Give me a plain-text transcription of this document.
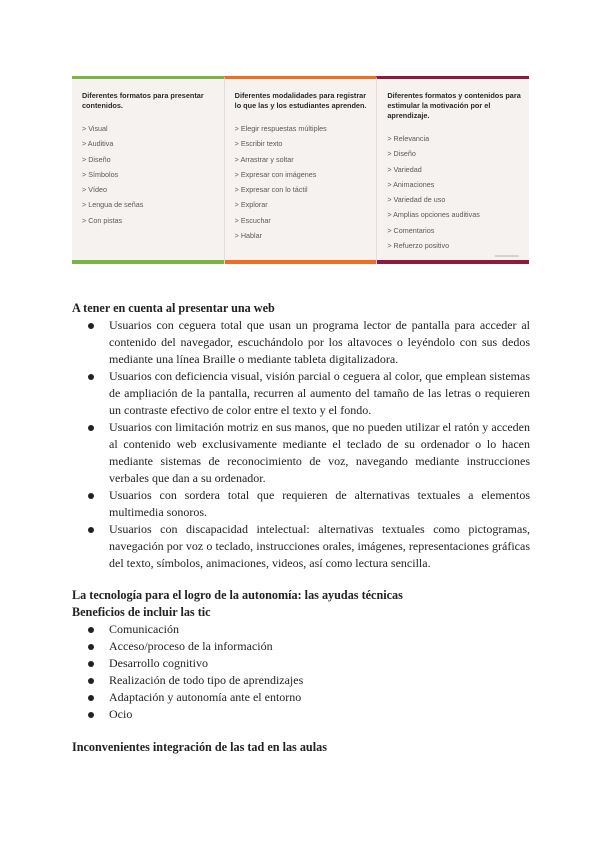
Diferentes formatos para presentar contenidos.
> Visual
> Auditiva
> Diseño
> Símbolos
> Vídeo
> Lengua de señas
> Con pistas
Diferentes modalidades para registrar lo que las y los estudiantes aprenden.
> Elegir respuestas múltiples
> Escribir texto
> Arrastrar y soltar
> Expresar con imágenes
> Expresar con lo táctil
> Explorar
> Escuchar
> Hablar
Diferentes formatos y contenidos para estimular la motivación por el aprendizaje.
> Relevancia
> Diseño
> Variedad
> Animaciones
> Variedad de uso
> Amplias opciones auditivas
> Comentarios
> Refuerzo positivo

A tener en cuenta al presentar una web

Usuarios con ceguera total que usan un programa lector de pantalla para acceder al contenido del navegador, escuchándolo por los altavoces o leyéndolo con sus dedos mediante una línea Braille o mediante tableta digitalizadora.
Usuarios con deficiencia visual, visión parcial o ceguera al color, que emplean sistemas de ampliación de la pantalla, recurren al aumento del tamaño de las letras o requieren un contraste efectivo de color entre el texto y el fondo.
Usuarios con limitación motriz en sus manos, que no pueden utilizar el ratón y acceden al contenido web exclusivamente mediante el teclado de su ordenador o lo hacen mediante sistemas de reconocimiento de voz, navegando mediante instrucciones verbales que dan a su ordenador.
Usuarios con sordera total que requieren de alternativas textuales a elementos multimedia sonoros.
Usuarios con discapacidad intelectual: alternativas textuales como pictogramas, navegación por voz o teclado, instrucciones orales, imágenes, representaciones gráficas del texto, símbolos, animaciones, videos, así como lectura sencilla.

La tecnología para el logro de la autonomía: las ayudas técnicas

Beneficios de incluir las tic

Comunicación
Acceso/proceso de la información
Desarrollo cognitivo
Realización de todo tipo de aprendizajes
Adaptación y autonomía ante el entorno
Ocio

Inconvenientes integración de las tad en las aulas
